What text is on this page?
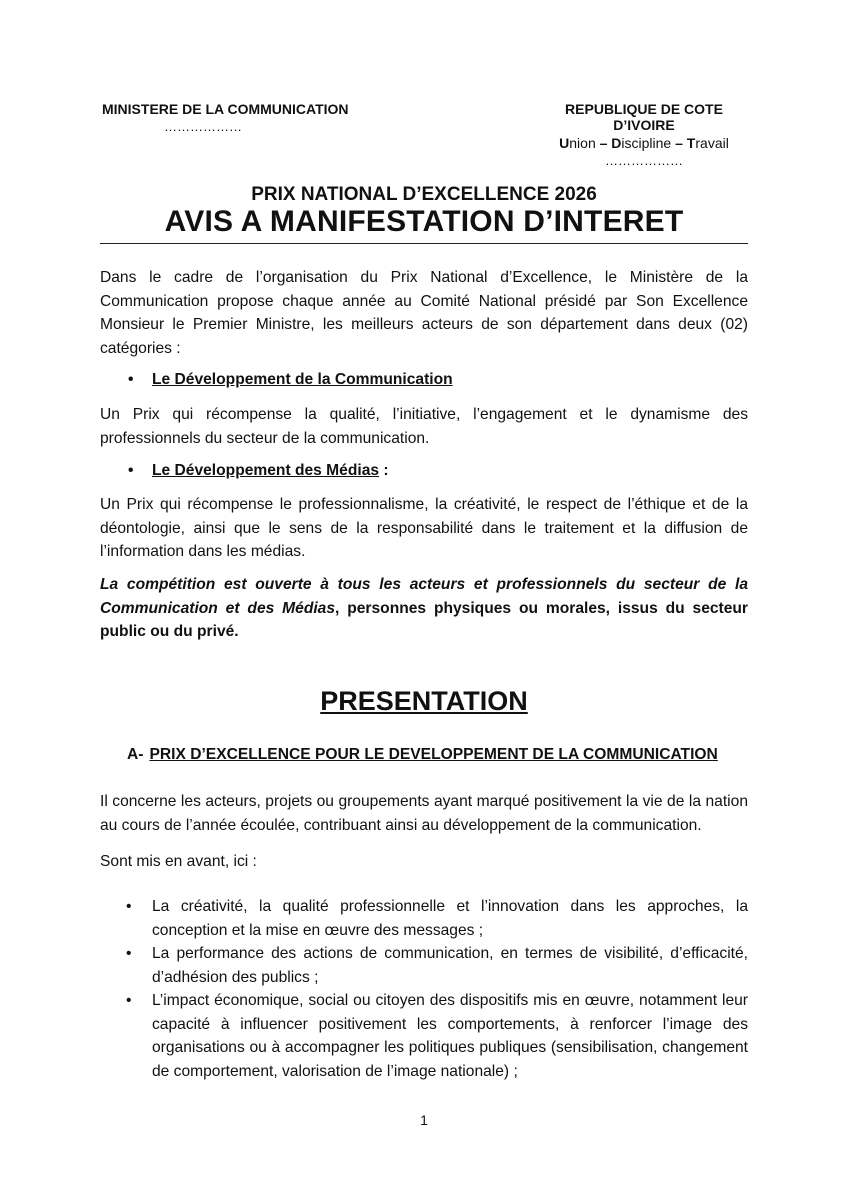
MINISTERE DE LA COMMUNICATION
………………
REPUBLIQUE DE COTE D’IVOIRE
Union – Discipline – Travail
………………
PRIX NATIONAL D’EXCELLENCE 2026
AVIS A MANIFESTATION D’INTERET
Dans le cadre de l’organisation du Prix National d’Excellence, le Ministère de la Communication propose chaque année au Comité National présidé par Son Excellence Monsieur le Premier Ministre, les meilleurs acteurs de son département dans deux (02) catégories :
• Le Développement de la Communication
Un Prix qui récompense la qualité, l’initiative, l’engagement et le dynamisme des professionnels du secteur de la communication.
• Le Développement des Médias :
Un Prix qui récompense le professionnalisme, la créativité, le respect de l’éthique et de la déontologie, ainsi que le sens de la responsabilité dans le traitement et la diffusion de l’information dans les médias.
La compétition est ouverte à tous les acteurs et professionnels du secteur de la Communication et des Médias, personnes physiques ou morales, issus du secteur public ou du privé.
PRESENTATION
A- PRIX D’EXCELLENCE POUR LE DEVELOPPEMENT DE LA COMMUNICATION
Il concerne les acteurs, projets ou groupements ayant marqué positivement la vie de la nation au cours de l’année écoulée, contribuant ainsi au développement de la communication.
Sont mis en avant, ici :
• La créativité, la qualité professionnelle et l’innovation dans les approches, la conception et la mise en œuvre des messages ;
• La performance des actions de communication, en termes de visibilité, d’efficacité, d’adhésion des publics ;
• L’impact économique, social ou citoyen des dispositifs mis en œuvre, notamment leur capacité à influencer positivement les comportements, à renforcer l’image des organisations ou à accompagner les politiques publiques (sensibilisation, changement de comportement, valorisation de l’image nationale) ;
1
